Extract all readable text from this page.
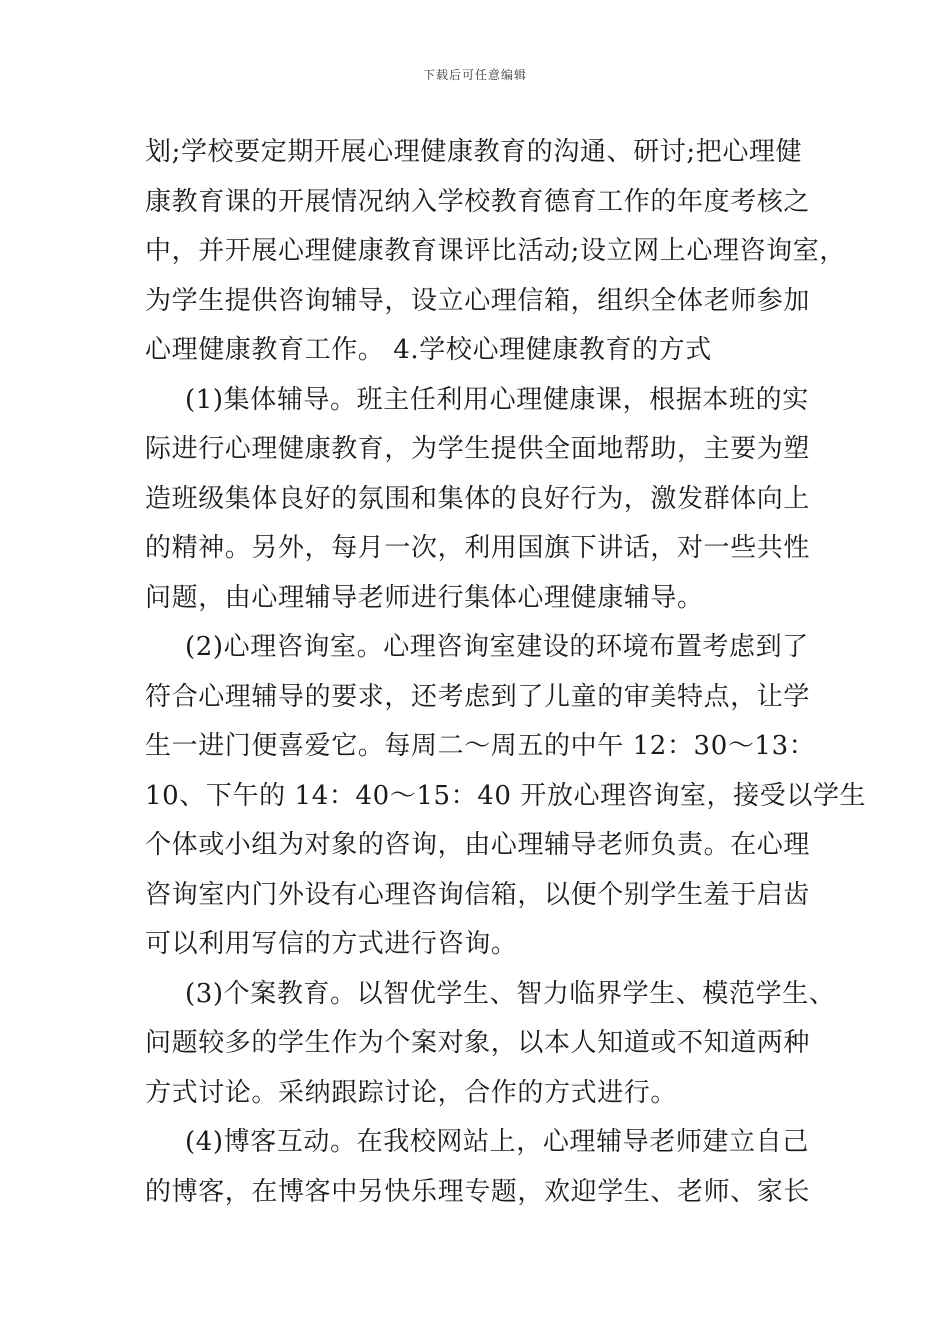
下载后可任意编辑
划;学校要定期开展心理健康教育的沟通、研讨;把心理健
康教育课的开展情况纳入学校教育德育工作的年度考核之
中，并开展心理健康教育课评比活动;设立网上心理咨询室，
为学生提供咨询辅导，设立心理信箱，组织全体老师参加
心理健康教育工作。 4.学校心理健康教育的方式
(1)集体辅导。班主任利用心理健康课，根据本班的实
际进行心理健康教育，为学生提供全面地帮助，主要为塑
造班级集体良好的氛围和集体的良好行为，激发群体向上
的精神。另外，每月一次，利用国旗下讲话，对一些共性
问题，由心理辅导老师进行集体心理健康辅导。
(2)心理咨询室。心理咨询室建设的环境布置考虑到了
符合心理辅导的要求，还考虑到了儿童的审美特点，让学
生一进门便喜爱它。每周二～周五的中午 12：30～13：
10、下午的 14：40～15：40 开放心理咨询室，接受以学生
个体或小组为对象的咨询，由心理辅导老师负责。在心理
咨询室内门外设有心理咨询信箱，以便个别学生羞于启齿
可以利用写信的方式进行咨询。
(3)个案教育。以智优学生、智力临界学生、模范学生、
问题较多的学生作为个案对象，以本人知道或不知道两种
方式讨论。采纳跟踪讨论，合作的方式进行。
(4)博客互动。在我校网站上，心理辅导老师建立自己
的博客，在博客中另快乐理专题，欢迎学生、老师、家长
